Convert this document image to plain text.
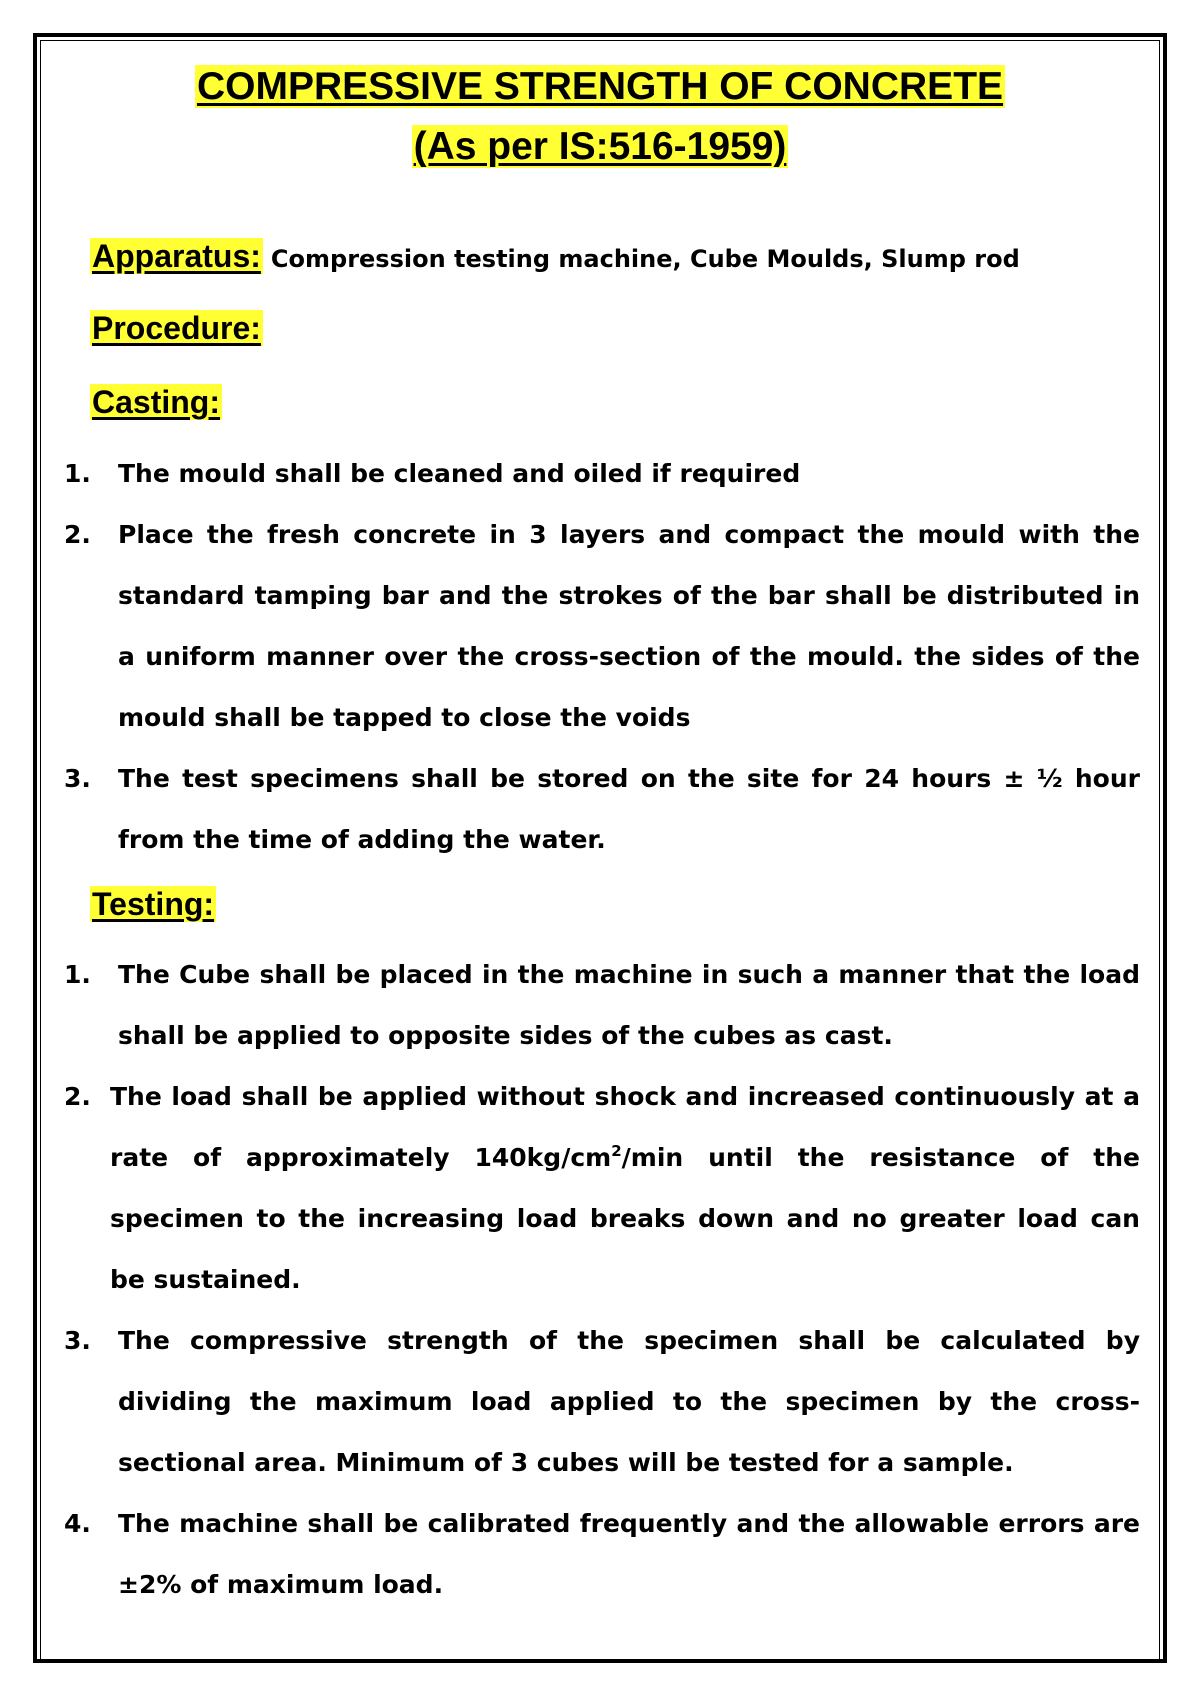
COMPRESSIVE STRENGTH OF CONCRETE
(As per IS:516-1959)
Apparatus: Compression testing machine, Cube Moulds, Slump rod
Procedure:
Casting:
1. The mould shall be cleaned and oiled if required
2. Place the fresh concrete in 3 layers and compact the mould with the standard tamping bar and the strokes of the bar shall be distributed in a uniform manner over the cross-section of the mould. the sides of the mould shall be tapped to close the voids
3. The test specimens shall be stored on the site for 24 hours ± ½ hour from the time of adding the water.
Testing:
1. The Cube shall be placed in the machine in such a manner that the load shall be applied to opposite sides of the cubes as cast.
2. The load shall be applied without shock and increased continuously at a rate of approximately $140kg/cm^2/\min$ until the resistance of the specimen to the increasing load breaks down and no greater load can be sustained.
3. The compressive strength of the specimen shall be calculated by dividing the maximum load applied to the specimen by the cross-sectional area. Minimum of 3 cubes will be tested for a sample.
4. The machine shall be calibrated frequently and the allowable errors are ±2% of maximum load.
